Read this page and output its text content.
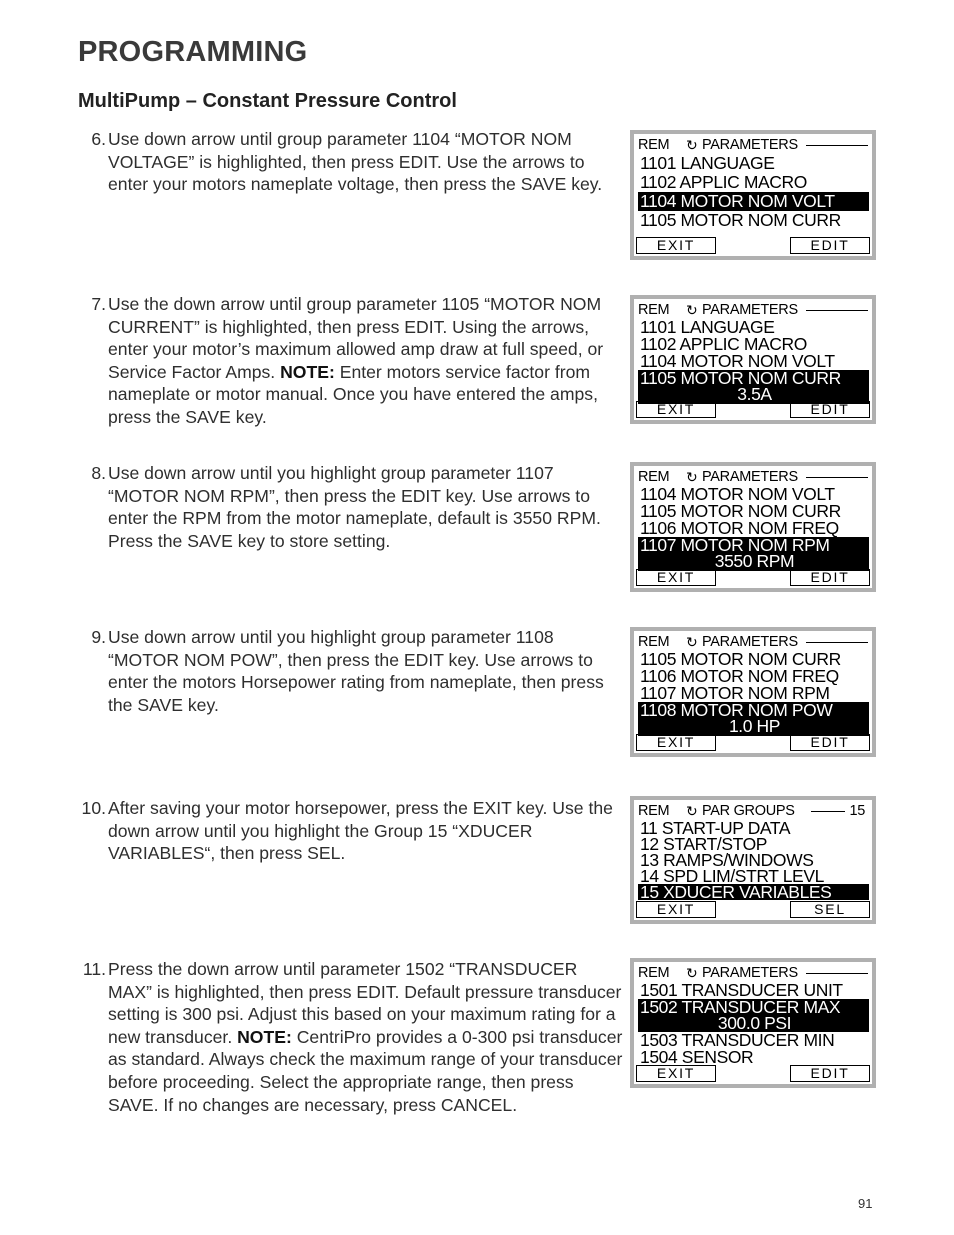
PROGRAMMING
MultiPump – Constant Pressure Control
6. Use down arrow until group parameter 1104 “MOTOR NOM VOLTAGE” is highlighted, then press EDIT. Use the arrows to enter your motors nameplate voltage, then press the SAVE key.
7. Use the down arrow until group parameter 1105 “MOTOR NOM CURRENT” is highlighted, then press EDIT. Using the arrows, enter your motor’s maximum allowed amp draw at full speed, or Service Factor Amps. NOTE: Enter motors service factor from nameplate or motor manual. Once you have entered the amps, press the SAVE key.
8. Use down arrow until you highlight group parameter 1107 “MOTOR NOM RPM”, then press the EDIT key. Use arrows to enter the RPM from the motor nameplate, default is 3550 RPM. Press the SAVE key to store setting.
9. Use down arrow until you highlight group parameter 1108 “MOTOR NOM POW”, then press the EDIT key. Use arrows to enter the motors Horsepower rating from nameplate, then press the SAVE key.
10. After saving your motor horsepower, press the EXIT key. Use the down arrow until you highlight the Group 15 “XDUCER VARIABLES“, then press SEL.
11. Press the down arrow until parameter 1502 “TRANSDUCER MAX” is highlighted, then press EDIT. Default pressure transducer setting is 300 psi. Adjust this based on your maximum rating for a new transducer. NOTE: CentriPro provides a 0-300 psi transducer as standard. Always check the maximum range of your transducer before proceeding. Select the appropriate range, then press SAVE. If no changes are necessary, press CANCEL.
REM ↻ PARAMETERS
1101 LANGUAGE
1102 APPLIC MACRO
1104 MOTOR NOM VOLT
1105 MOTOR NOM CURR
EXIT	EDIT
REM ↻ PARAMETERS
1101 LANGUAGE
1102 APPLIC MACRO
1104 MOTOR NOM VOLT
1105 MOTOR NOM CURR
3.5A
EXIT	EDIT
REM ↻ PARAMETERS
1104 MOTOR NOM VOLT
1105 MOTOR NOM CURR
1106 MOTOR NOM FREQ
1107 MOTOR NOM RPM
3550 RPM
EXIT	EDIT
REM ↻ PARAMETERS
1105 MOTOR NOM CURR
1106 MOTOR NOM FREQ
1107 MOTOR NOM RPM
1108 MOTOR NOM POW
1.0 HP
EXIT	EDIT
REM ↻ PAR GROUPS	15
11 START-UP DATA
12 START/STOP
13 RAMPS/WINDOWS
14 SPD LIM/STRT LEVL
15 XDUCER VARIABLES
EXIT	SEL
REM ↻ PARAMETERS
1501 TRANSDUCER UNIT
1502 TRANSDUCER MAX
300.0 PSI
1503 TRANSDUCER MIN
1504 SENSOR
EXIT	EDIT
91
